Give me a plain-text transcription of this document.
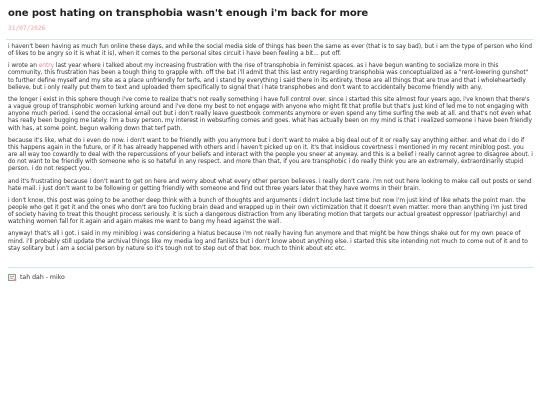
one post hating on transphobia wasn't enough i'm back for more
31/07/2026

i haven't been having as much fun online these days, and while the social media side of things has been the same as ever (that is to say bad), but i am the type of person who kind of likes to be angry so it is what it is), when it comes to the personal sites circuit i have been feeling a bit... put off.

i wrote an entry last year where i talked about my increasing frustration with the rise of transphobia in feminist spaces. as i have begun wanting to socialize more in this community, this frustration has been a tough thing to grapple with. off the bat i'll admit that this last entry regarding transphobia was conceptualized as a "rent-lowering gunshot" to further define myself and my site as a place unfriendly for terfs, and i stand by everything i said there in its entirety. those are all things that are true and that i wholeheartedly believe, but i only really put them to text and uploaded them specifically to signal that i hate transphobes and don't want to accidentally become friendly with any.

the longer i exist in this sphere though i've come to realize that's not really something i have full control over. since i started this site almost four years ago, i've known that there's a vague group of transphobic women lurking around and i've done my best to not engage with anyone who might fit that profile but that's just kind of led me to not engaging with anyone much period. i send the occasional email out but i don't really leave guestbook comments anymore or even spend any time surfing the web at all. and that's not even what has really been bugging me lately. i'm a busy person, my interest in websurfing comes and goes. what has actually been on my mind is that i realized someone i have been friendly with has, at some point, begun walking down that terf path.

because it's like, what do i even do now. i don't want to be friendly with you anymore but i don't want to make a big deal out of it or really say anything either. and what do i do if this happens again in the future, or if it has already happened with others and i haven't picked up on it. it's that insidious covertness i mentioned in my recent miniblog post. you are all way too cowardly to deal with the repercussions of your beliefs and interact with the people you sneer at anyway. and this is a belief i really cannot agree to disagree about. i do not want to be friendly with someone who is so hateful in any respect. and more than that, if you are transphobic i do really think you are an extremely, extraordinarily stupid person. i do not respect you.

and it's frustrating because i don't want to get on here and worry about what every other person believes. i really don't care. i'm not out here looking to make call out posts or send hate mail. i just don't want to be following or getting friendly with someone and find out three years later that they have worms in their brain.

i don't know, this post was going to be another deep think with a bunch of thoughts and arguments i didn't include last time but now i'm just kind of like whats the point man. the people who get it get it and the ones who don't are too fucking brain dead and wrapped up in their own victimization that it doesn't even matter. more than anything i'm just tired of society having to treat this thought process seriously. it is such a dangerous distraction from any liberating motion that targets our actual greatest oppressor (patriarchy) and watching women fall for it again and again makes me want to bang my head against the wall.

anyway! that's all i got. i said in my miniblog i was considering a hiatus because i'm not really having fun anymore and that might be how things shake out for my own peace of mind. i'll probably still update the archival things like my media log and fanlists but i don't know about anything else. i started this site intending not much to come out of it and to stay solitary but i am a social person by nature so it's tough not to step out of that box. much to think about etc etc.

tah dah - miko
